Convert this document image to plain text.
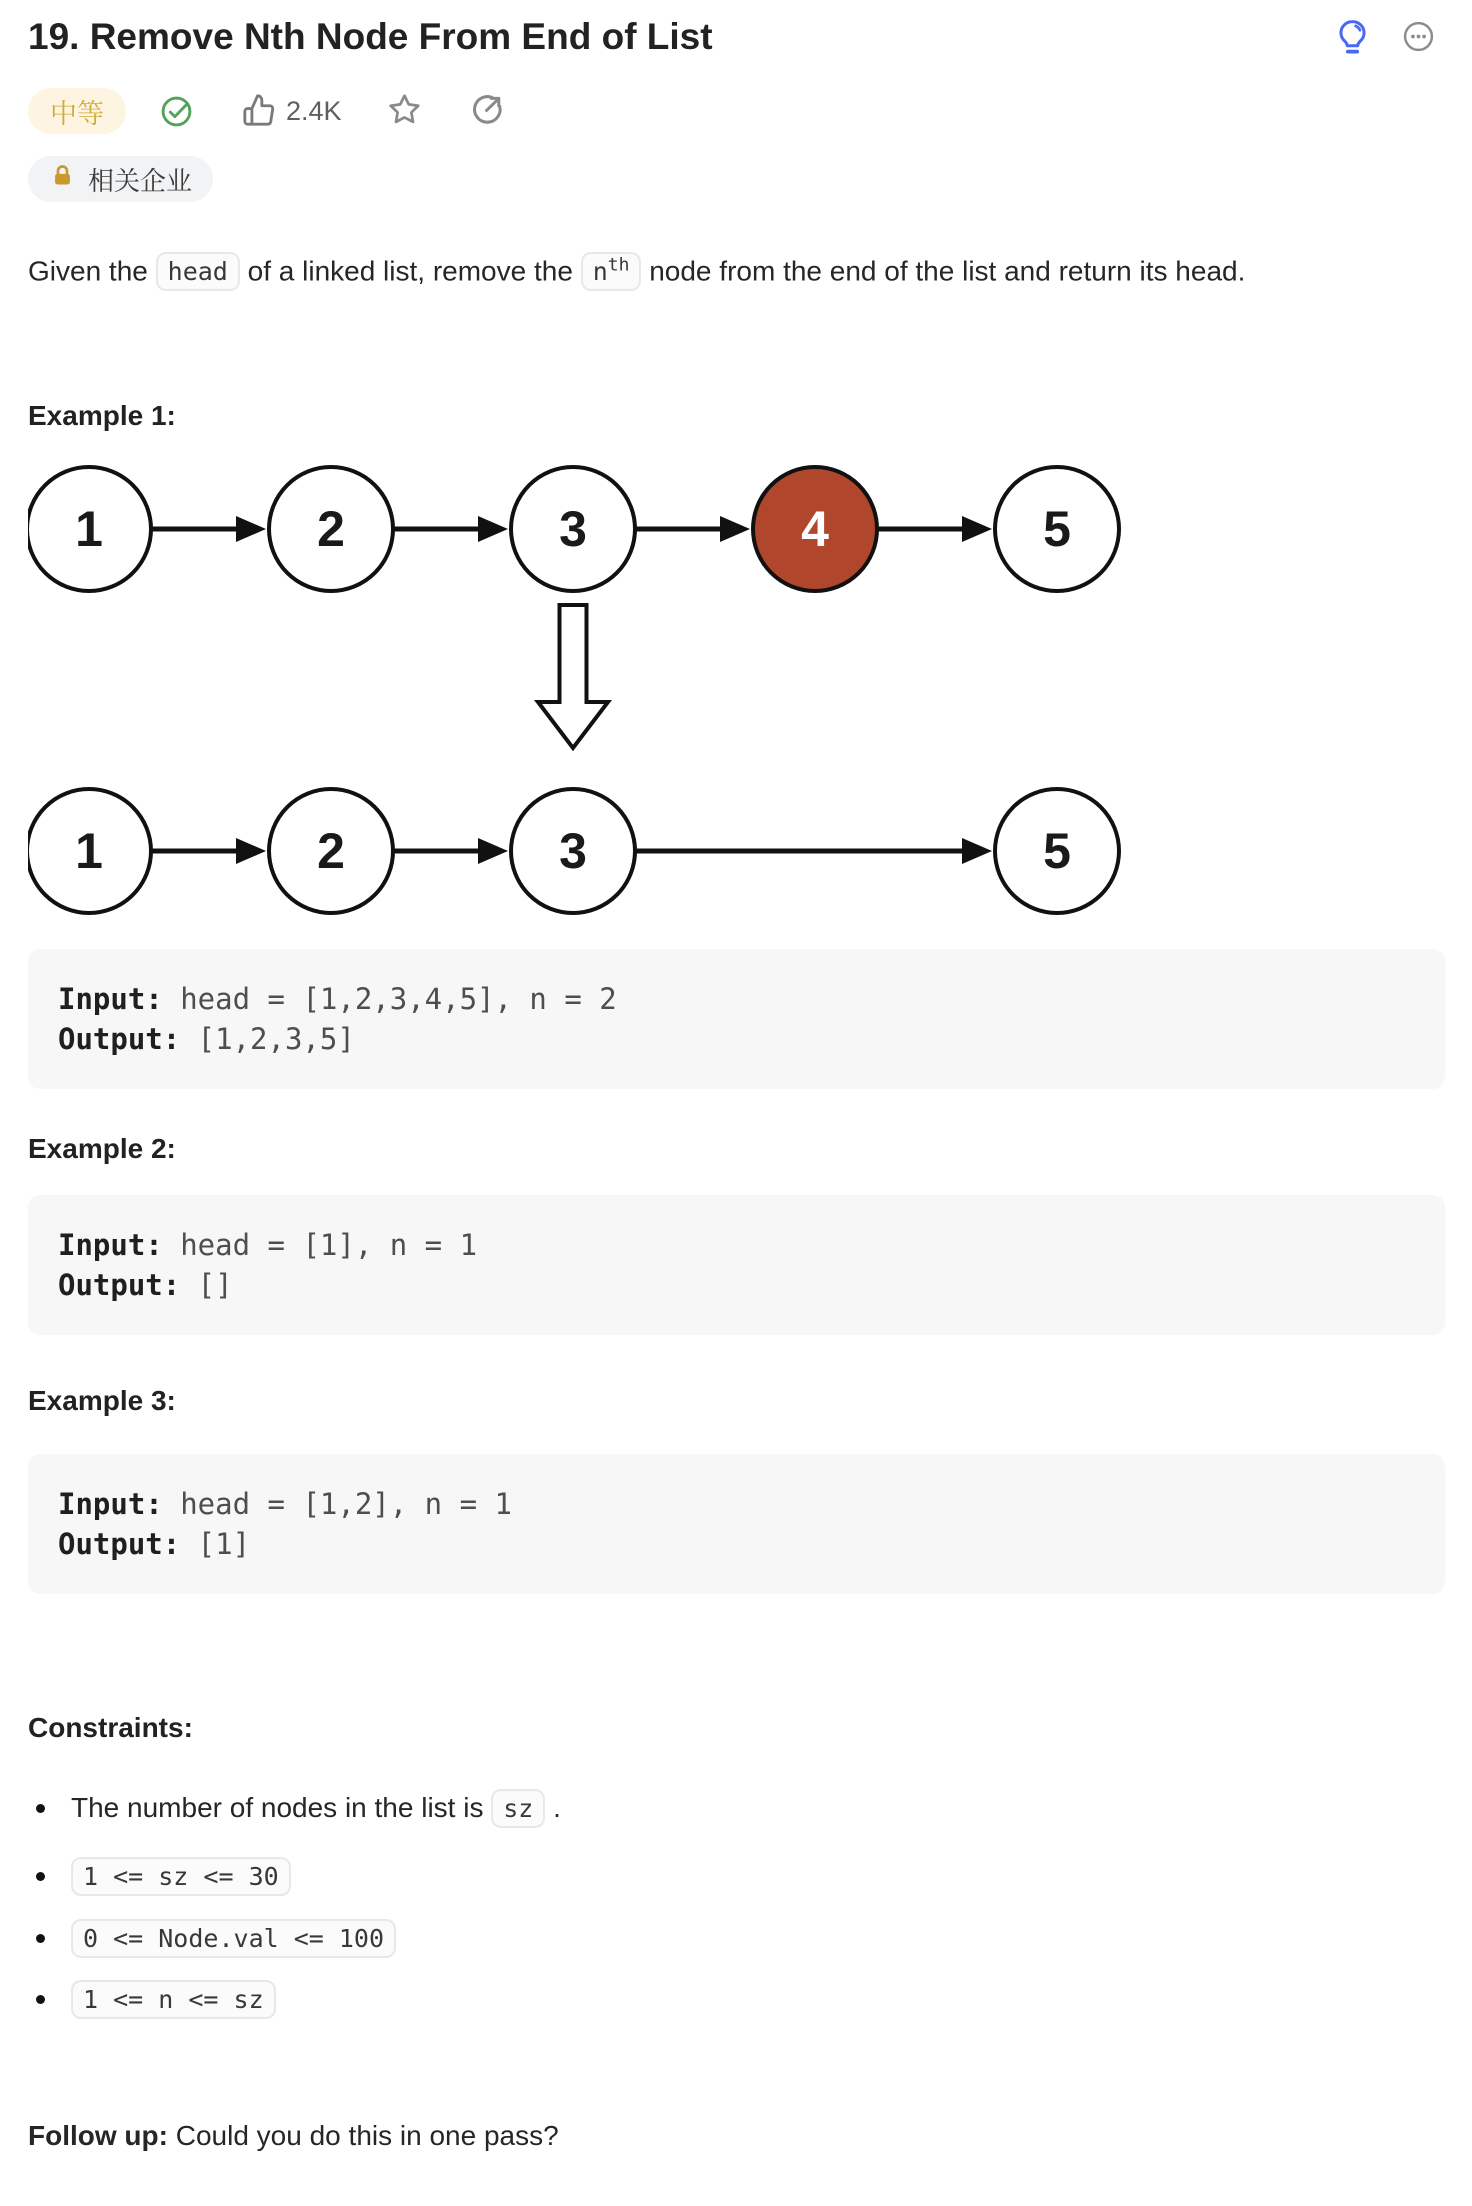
19. Remove Nth Node From End of List
中等	2.4K
相关企业

Given the head of a linked list, remove the $n^{th}$ node from the end of the list and return its head.

Example 1:
1	2	3	4	5
1	2	3	5
Input: head = [1,2,3,4,5], n = 2
Output: [1,2,3,5]
Example 2:
Input: head = [1], n = 1
Output: []
Example 3:
Input: head = [1,2], n = 1
Output: [1]
Constraints:
The number of nodes in the list is sz .
1 <= sz <= 30
0 <= Node.val <= 100
1 <= n <= sz

Follow up: Could you do this in one pass?
